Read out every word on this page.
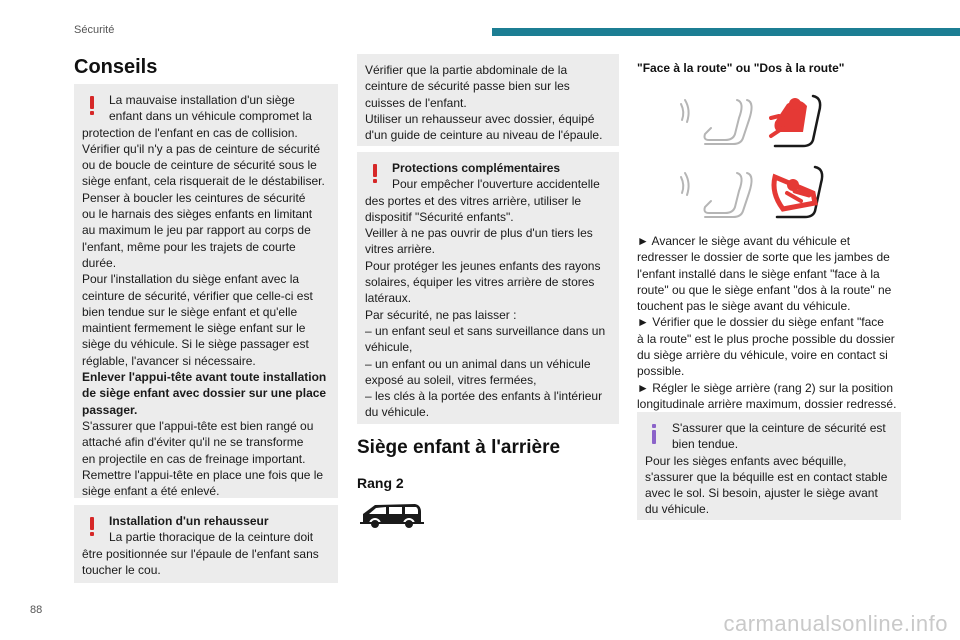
Sécurité
Conseils

La mauvaise installation d'un siège

enfant dans un véhicule compromet la

protection de l'enfant en cas de collision.

Vérifier qu'il n'y a pas de ceinture de sécurité

ou de boucle de ceinture de sécurité sous le

siège enfant, cela risquerait de le déstabiliser.

Penser à boucler les ceintures de sécurité

ou le harnais des sièges enfants en limitant

au maximum le jeu par rapport au corps de

l'enfant, même pour les trajets de courte

durée.

Pour l'installation du siège enfant avec la

ceinture de sécurité, vérifier que celle-ci est

bien tendue sur le siège enfant et qu'elle

maintient fermement le siège enfant sur le

siège du véhicule. Si le siège passager est

réglable, l'avancer si nécessaire.

Enlever l'appui-tête avant toute installation

de siège enfant avec dossier sur une place

passager.

S'assurer que l'appui-tête est bien rangé ou

attaché afin d'éviter qu'il ne se transforme

en projectile en cas de freinage important.

Remettre l'appui-tête en place une fois que le

siège enfant a été enlevé.

Installation d'un rehausseur

La partie thoracique de la ceinture doit

être positionnée sur l'épaule de l'enfant sans

toucher le cou.

Vérifier que la partie abdominale de la

ceinture de sécurité passe bien sur les

cuisses de l'enfant.

Utiliser un rehausseur avec dossier, équipé

d'un guide de ceinture au niveau de l'épaule.

Protections complémentaires

Pour empêcher l'ouverture accidentelle

des portes et des vitres arrière, utiliser le

dispositif "Sécurité enfants".

Veiller à ne pas ouvrir de plus d'un tiers les

vitres arrière.

Pour protéger les jeunes enfants des rayons

solaires, équiper les vitres arrière de stores

latéraux.

Par sécurité, ne pas laisser :

– un enfant seul et sans surveillance dans un

véhicule,

– un enfant ou un animal dans un véhicule

exposé au soleil, vitres fermées,

– les clés à la portée des enfants à l'intérieur

du véhicule.

Siège enfant à l'arrière
Rang 2
"Face à la route" ou "Dos à la route"

► Avancer le siège avant du véhicule et

redresser le dossier de sorte que les jambes de

l'enfant installé dans le siège enfant "face à la

route" ou que le siège enfant "dos à la route" ne

touchent pas le siège avant du véhicule.

► Vérifier que le dossier du siège enfant "face

à la route" est le plus proche possible du dossier

du siège arrière du véhicule, voire en contact si

possible.

► Régler le siège arrière (rang 2) sur la position

longitudinale arrière maximum, dossier redressé.

S'assurer que la ceinture de sécurité est

bien tendue.

Pour les sièges enfants avec béquille,

s'assurer que la béquille est en contact stable

avec le sol. Si besoin, ajuster le siège avant

du véhicule.

88
carmanualsonline.info
